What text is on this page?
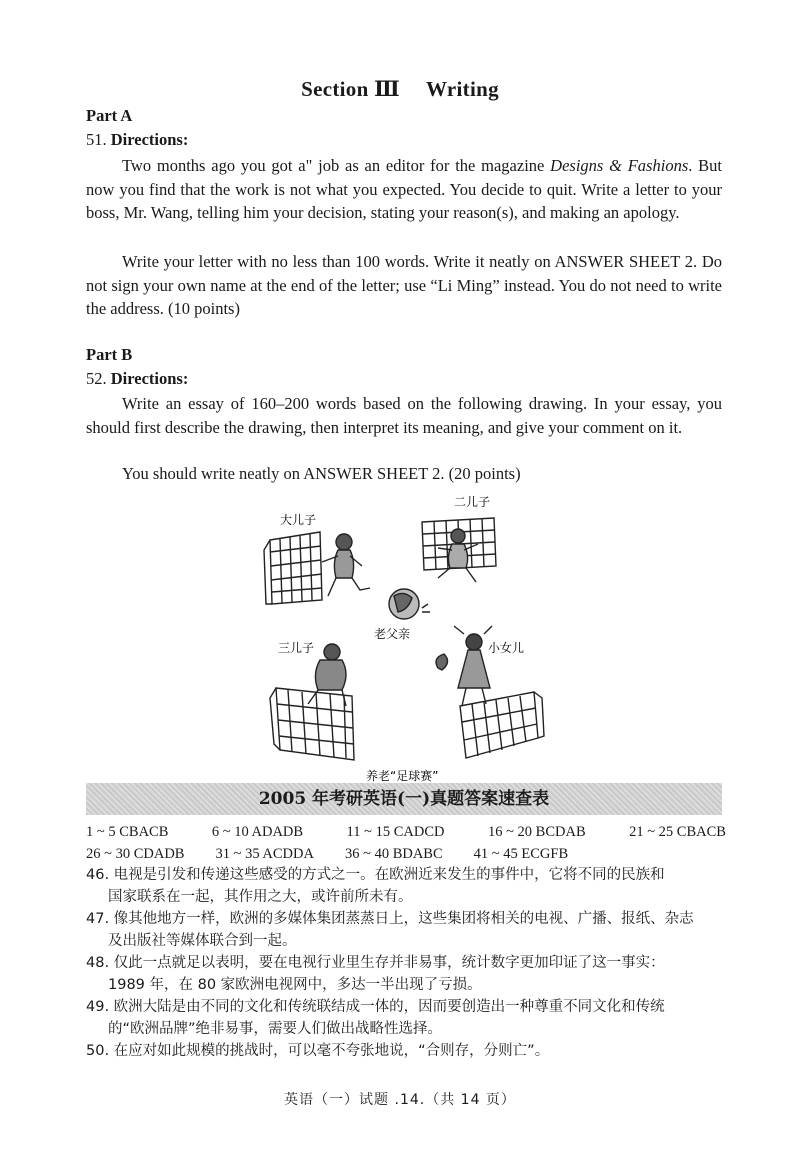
Section Ⅲ Writing
Part A
51. Directions:

Two months ago you got a" job as an editor for the magazine Designs & Fashions. But now you find that the work is not what you expected. You decide to quit. Write a letter to your boss, Mr. Wang, telling him your decision, stating your reason(s), and making an apology.

Write your letter with no less than 100 words. Write it neatly on ANSWER SHEET 2. Do not sign your own name at the end of the letter; use “Li Ming” instead. You do not need to write the address. (10 points)

Part B
52. Directions:

Write an essay of 160–200 words based on the following drawing. In your essay, you should first describe the drawing, then interpret its meaning, and give your comment on it.

You should write neatly on ANSWER SHEET 2. (20 points)

大儿子
二儿子
老父亲
三儿子	小女儿
养老“足球赛”
2005 年考研英语(一)真题答案速查表
1 ~ 5 CBACB	6 ~ 10 ADADB	11 ~ 15 CADCD	16 ~ 20 BCDAB	21 ~ 25 CBACB
26 ~ 30 CDADB 31 ~ 35 ACDDA 36 ~ 40 BDABC 41 ~ 45 ECGFB
46. 电视是引发和传递这些感受的方式之一。在欧洲近来发生的事件中，它将不同的民族和
国家联系在一起，其作用之大，或许前所未有。
47. 像其他地方一样，欧洲的多媒体集团蒸蒸日上，这些集团将相关的电视、广播、报纸、杂志
及出版社等媒体联合到一起。
48. 仅此一点就足以表明，要在电视行业里生存并非易事，统计数字更加印证了这一事实：
1989 年，在 80 家欧洲电视网中，多达一半出现了亏损。
49. 欧洲大陆是由不同的文化和传统联结成一体的，因而要创造出一种尊重不同文化和传统
的“欧洲品牌”绝非易事，需要人们做出战略性选择。
50. 在应对如此规模的挑战时，可以毫不夸张地说，“合则存，分则亡”。
英语（一）试题 .14.（共 14 页）
